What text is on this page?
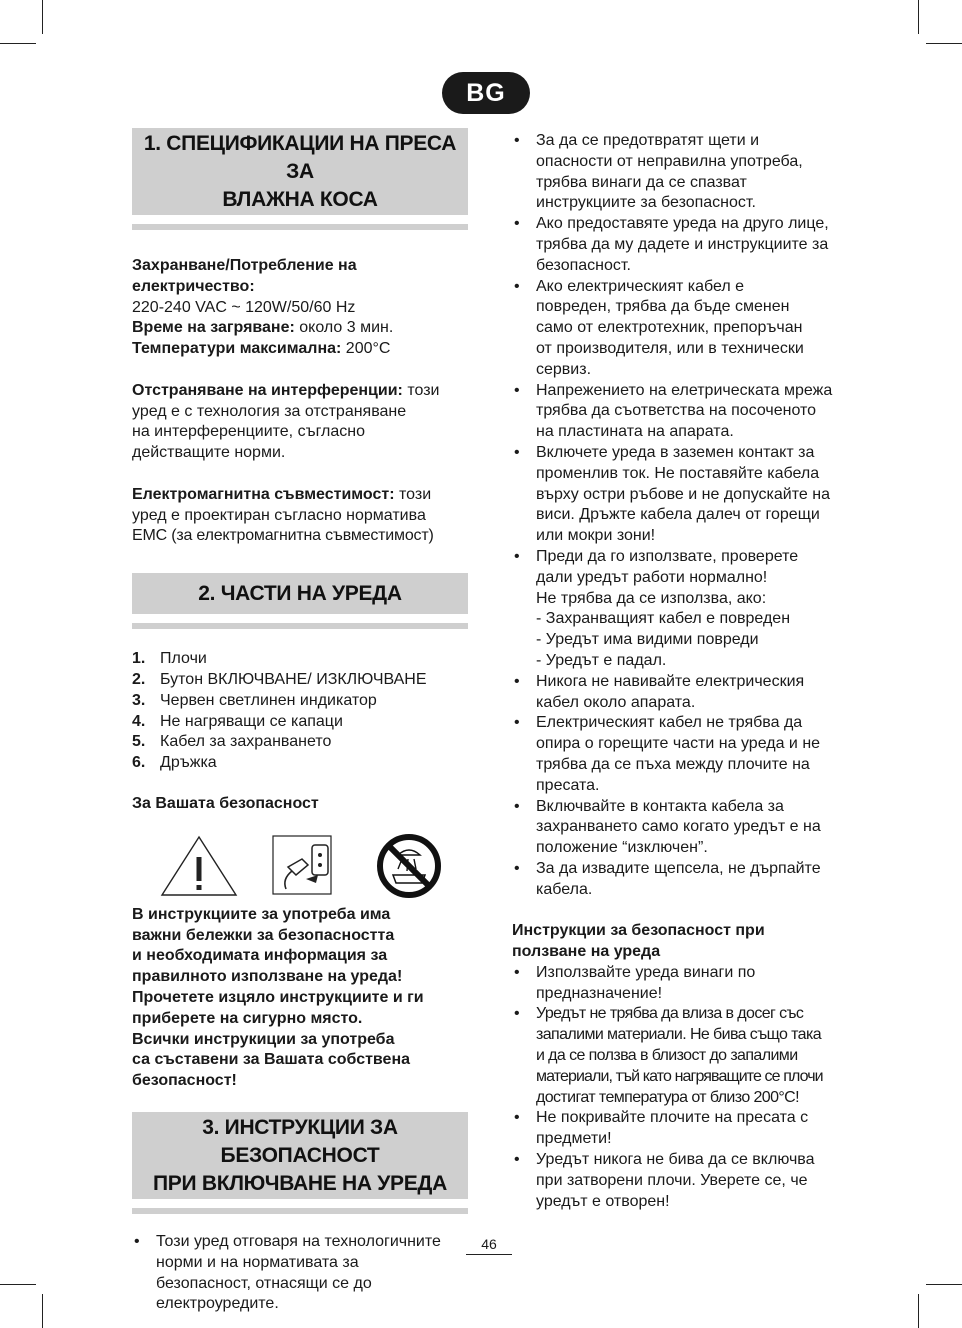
BG
1. СПЕЦИФИКАЦИИ НА ПРЕСА ЗА
ВЛАЖНА КОСА

Захранване/Потребление на

електричество:

220-240 VAC ~ 120W/50/60 Hz

Време на загряване: около 3 мин.

Температури максимална: 200°C

Отстраняване на интерференции: този

уред е с технология за отстраняване

на интерференциите, съгласно

действащите норми.

Електромагнитна съвместимост: този

уред е проектиран съгласно норматива

EMC (за електромагнитна съвместимост)

2. ЧАСТИ НА УРЕДА
1. Плочи
2. Бутон ВКЛЮЧВАНЕ/ ИЗКЛЮЧВАНЕ
3. Червен светлинен индикатор
4. Не нагряващи се капаци
5. Кабел за захранването
6. Дръжка

За Вашата безопасност

В инструкциите за употреба има

важни бележки за безопасността

и необходимата информация за

правилното използване на уреда!

Прочетете изцяло инструкциите и ги

приберете на сигурно място.

Всички инструкиции за употреба

са съставени за Вашата собствена

безопасност!

3. ИНСТРУКЦИИ ЗА БЕЗОПАСНОСТ
ПРИ ВКЛЮЧВАНЕ НА УРЕДА
• Този уред отговаря на технологичните
норми и на нормативата за
безопасност, отнасящи се до
електроуредите.
• За да се предотвратят щети и
опасности от неправилна употреба,
трябва винаги да се спазват
инструкциите за безопасност.
• Ако предоставяте уреда на друго лице,
трябва да му дадете и инструкциите за
безопасност.
• Ако електрическият кабел е
повреден, трябва да бъде сменен
само от електротехник, препоръчан
от производителя, или в технически
сервиз.
• Напрежението на елетрическата мрежа
трябва да съответства на посоченото
на пластината на апарата.
• Включете уреда в заземен контакт за
променлив ток. Не поставяйте кабела
върху остри ръбове и не допускайте на
виси. Дръжте кабела далеч от горещи
или мокри зони!
• Преди да го използвате, проверете
дали уредът работи нормално!
Не трябва да се използва, ако:
- Захранващият кабел е повреден
- Уредът има видими повреди
- Уредът е падал.
• Никога не навивайте електрическия
кабел около апарата.
• Електрическият кабел не трябва да
опира о горещите части на уреда и не
трябва да се пъха между плочите на
пресата.
• Включвайте в контакта кабела за
захранването само когато уредът е на
положение “изключен”.
• За да извадите щепсела, не дърпайте
кабела.

Инструкции за безопасност при

ползване на уреда

• Използвайте уреда винаги по
предназначение!
• Уредът не трябва да влиза в досег със
запалими материали. Не бива също така
и да се ползва в близост до запалими
материали, тъй като нагряващите се плочи
достигат температура от близо 200°C!
• Не покривайте плочите на пресата с
предмети!
• Уредът никога не бива да се включва
при затворени плочи. Уверете се, че
уредът е отворен!
46
